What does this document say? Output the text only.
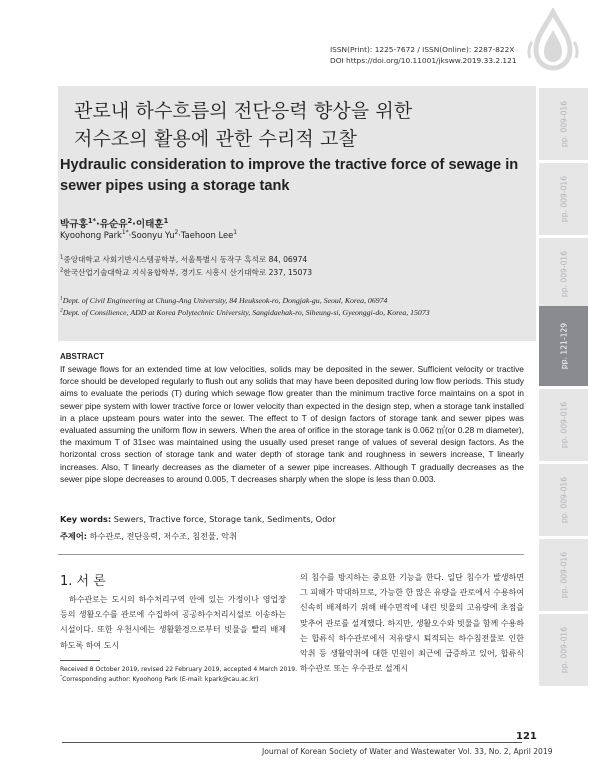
ISSN(Print): 1225-7672 / ISSN(Online): 2287-822X
DOI https://doi.org/10.11001/jksww.2019.33.2.121
관로내 하수흐름의 전단응력 향상을 위한
저수조의 활용에 관한 수리적 고찰
Hydraulic consideration to improve the tractive force of sewage in sewer pipes using a storage tank
박규홍$^{1*}$·유순유$^2$·이태훈$^1$
Kyoohong Park$^{1*}$·Soonyu $Yu^2\cdot Taehoon$ Lee$^1$
$^1$중앙대학교 사회기반시스템공학부, 서울특별시 동작구 흑석로 84, 06974
$^2$한국산업기술대학교 지식융합학부, 경기도 시흥시 산기대학로 237, 15073
$^1$Dept. of Civil Engineering at Chung-Ang University, 84 Heukseok-ro, Dongjak-gu, Seoul, Korea, 06974
$^2$Dept. of Consilience, ADD at Korea Polytechnic University, Sangidaehak-ro, Siheung-si, Gyeonggi-do, Korea, 15073
pp. 009-016
pp. 009-016
pp. 009-016
pp. 121-129
pp. 009-016
pp. 009-016
pp. 009-016
pp. 009-016
ABSTRACT
If sewage flows for an extended time at low velocities, solids may be deposited in the sewer. Sufficient velocity or tractive force should be developed regularly to flush out any solids that may have been deposited during low flow periods. This study aims to evaluate the periods (T) during which sewage flow greater than the minimum tractive force maintains on a spot in sewer pipe system with lower tractive force or lower velocity than expected in the design step, when a storage tank installed in a place upsteam pours water into the sewer. The effect to T of design factors of storage tank and sewer pipes was evaluated assuming the uniform flow in sewers. When the area of orifice in the storage tank is 0.062 ㎡(or 0.28 m diameter), the maximum T of 31sec was maintained using the usually used preset range of values of several design factors. As the horizontal cross section of storage tank and water depth of storage tank and roughness in sewers increase, T linearly increases. Also, T linearly decreases as the diameter of a sewer pipe increases. Although T gradually decreases as the sewer pipe slope decreases to around 0.005, T decreases sharply when the slope is less than 0.003.
Key words: Sewers, Tractive force, Storage tank, Sediments, Odor
주제어: 하수관로, 전단응력, 저수조, 침전물, 악취
1. 서 론

하수관로는 도시의 하수처리구역 안에 있는 가정이나 영업장 등의 생활오수를 관로에 수집하여 공공하수처리시설로 이송하는 시설이다. 또한 우천시에는 생활환경으로부터 빗물을 빨리 배제하도록 하여 도시

의 침수를 방지하는 중요한 기능을 한다. 일단 침수가 발생하면 그 피해가 막대하므로, 가능한 한 많은 유량을 관로에서 수용하여 신속히 배제하기 위해 배수면적에 내린 빗물의 고유량에 초점을 맞추어 관로를 설계했다. 하지만, 생활오수와 빗물을 함께 수용하는 합류식 하수관로에서 저유량시 퇴적되는 하수침전물로 인한 악취 등 생활악취에 대한 민원이 최근에 급증하고 있어, 합류식 하수관로 또는 우수관로 설계시

Received 8 October 2019, revised 22 February 2019, accepted 4 March 2019.
*Corresponding author: Kyoohong Park (E-mail: kpark@cau.ac.kr)
121
Journal of Korean Society of Water and Wastewater Vol. 33, No. 2, April 2019
